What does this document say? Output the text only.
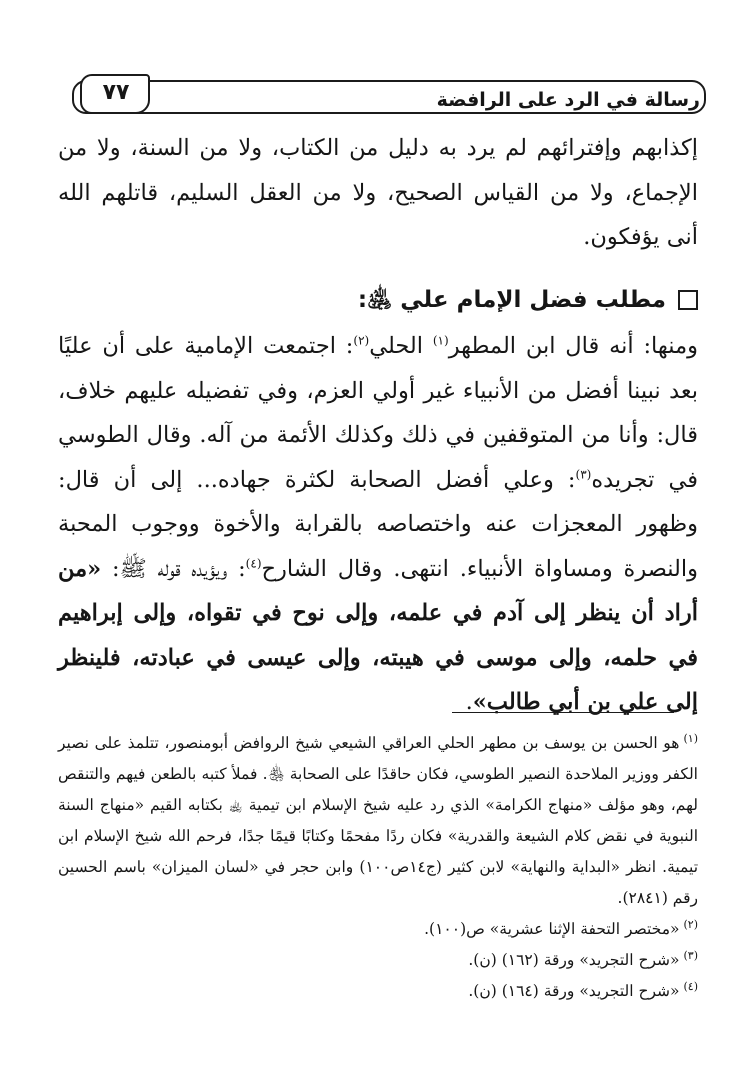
٧٧	رسالة في الرد على الرافضة
إكذابهم وإفترائهم لم يرد به دليل من الكتاب، ولا من السنة، ولا من الإجماع، ولا من القياس الصحيح، ولا من العقل السليم، قاتلهم الله أنى يؤفكون.
مطلب فضل الإمام علي ﵁:
ومنها: أنه قال ابن المطهر$^{(١)}$ الحلي$^{(٢)}$: اجتمعت الإمامية على أن عليًا بعد نبينا أفضل من الأنبياء غير أولي العزم، وفي تفضيله عليهم خلاف، قال: وأنا من المتوقفين في ذلك وكذلك الأئمة من آله. وقال الطوسي في تجريده$^{(٣)}$: وعلي أفضل الصحابة لكثرة جهاده... إلى أن قال: وظهور المعجزات عنه واختصاصه بالقرابة والأخوة ووجوب المحبة والنصرة ومساواة الأنبياء. انتهى. وقال الشارح$^{(٤)}$: ويؤيده قوله ﷺ: «من أراد أن ينظر إلى آدم في علمه، وإلى نوح في تقواه، وإلى إبراهيم في حلمه، وإلى موسى في هيبته، وإلى عيسى في عبادته، فلينظر إلى علي بن أبي طالب».
$^{(١)}$هو الحسن بن يوسف بن مطهر الحلي العراقي الشيعي شيخ الروافض أبومنصور، تتلمذ على نصير الكفر ووزير الملاحدة النصير الطوسي، فكان حاقدًا على الصحابة ﵃. فملأ كتبه بالطعن فيهم والتنقص لهم، وهو مؤلف «منهاج الكرامة» الذي رد عليه شيخ الإسلام ابن تيمية ﵀ بكتابه القيم «منهاج السنة النبوية في نقض كلام الشيعة والقدرية» فكان ردًا مفحمًا وكتابًا قيمًا جدًا، فرحم الله شيخ الإسلام ابن تيمية. انظر «البداية والنهاية» لابن كثير (ج١٤ص١٠٠) وابن حجر في «لسان الميزان» باسم الحسين رقم (٢٨٤١).
$^{(٢)}$«مختصر التحفة الإثنا عشرية» ص(١٠٠).
$^{(٣)}$«شرح التجريد» ورقة (١٦٢) (ن).
$^{(٤)}$«شرح التجريد» ورقة (١٦٤) (ن).
